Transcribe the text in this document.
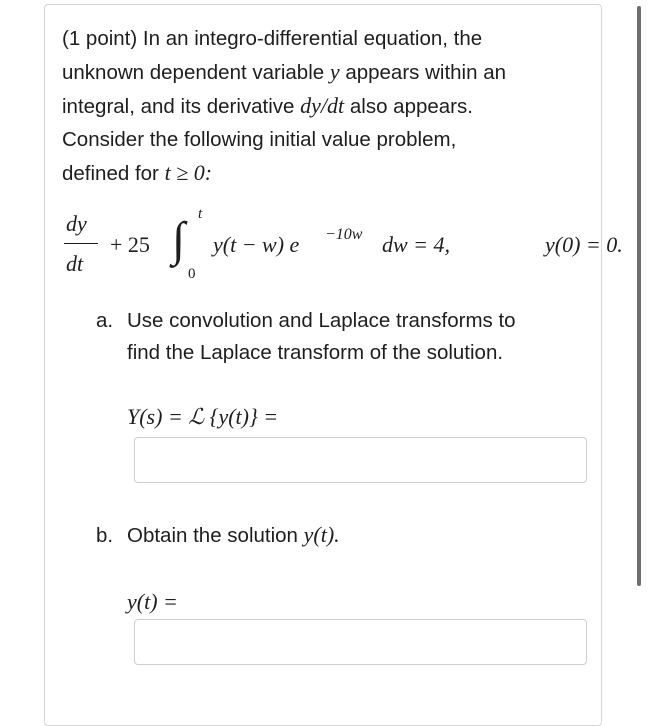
(1 point) In an integro-differential equation, the
unknown dependent variable y appears within an
integral, and its derivative dy/dt also appears.
Consider the following initial value problem,
defined for t ≥ 0:
dy
dt
+ 25 ∫ t
0
y(t − w) e −10w dw = 4,	y(0) = 0.
a. Use convolution and Laplace transforms to
find the Laplace transform of the solution.
Y(s) = ℒ {y(t)} =
b. Obtain the solution y(t).
y(t) =
